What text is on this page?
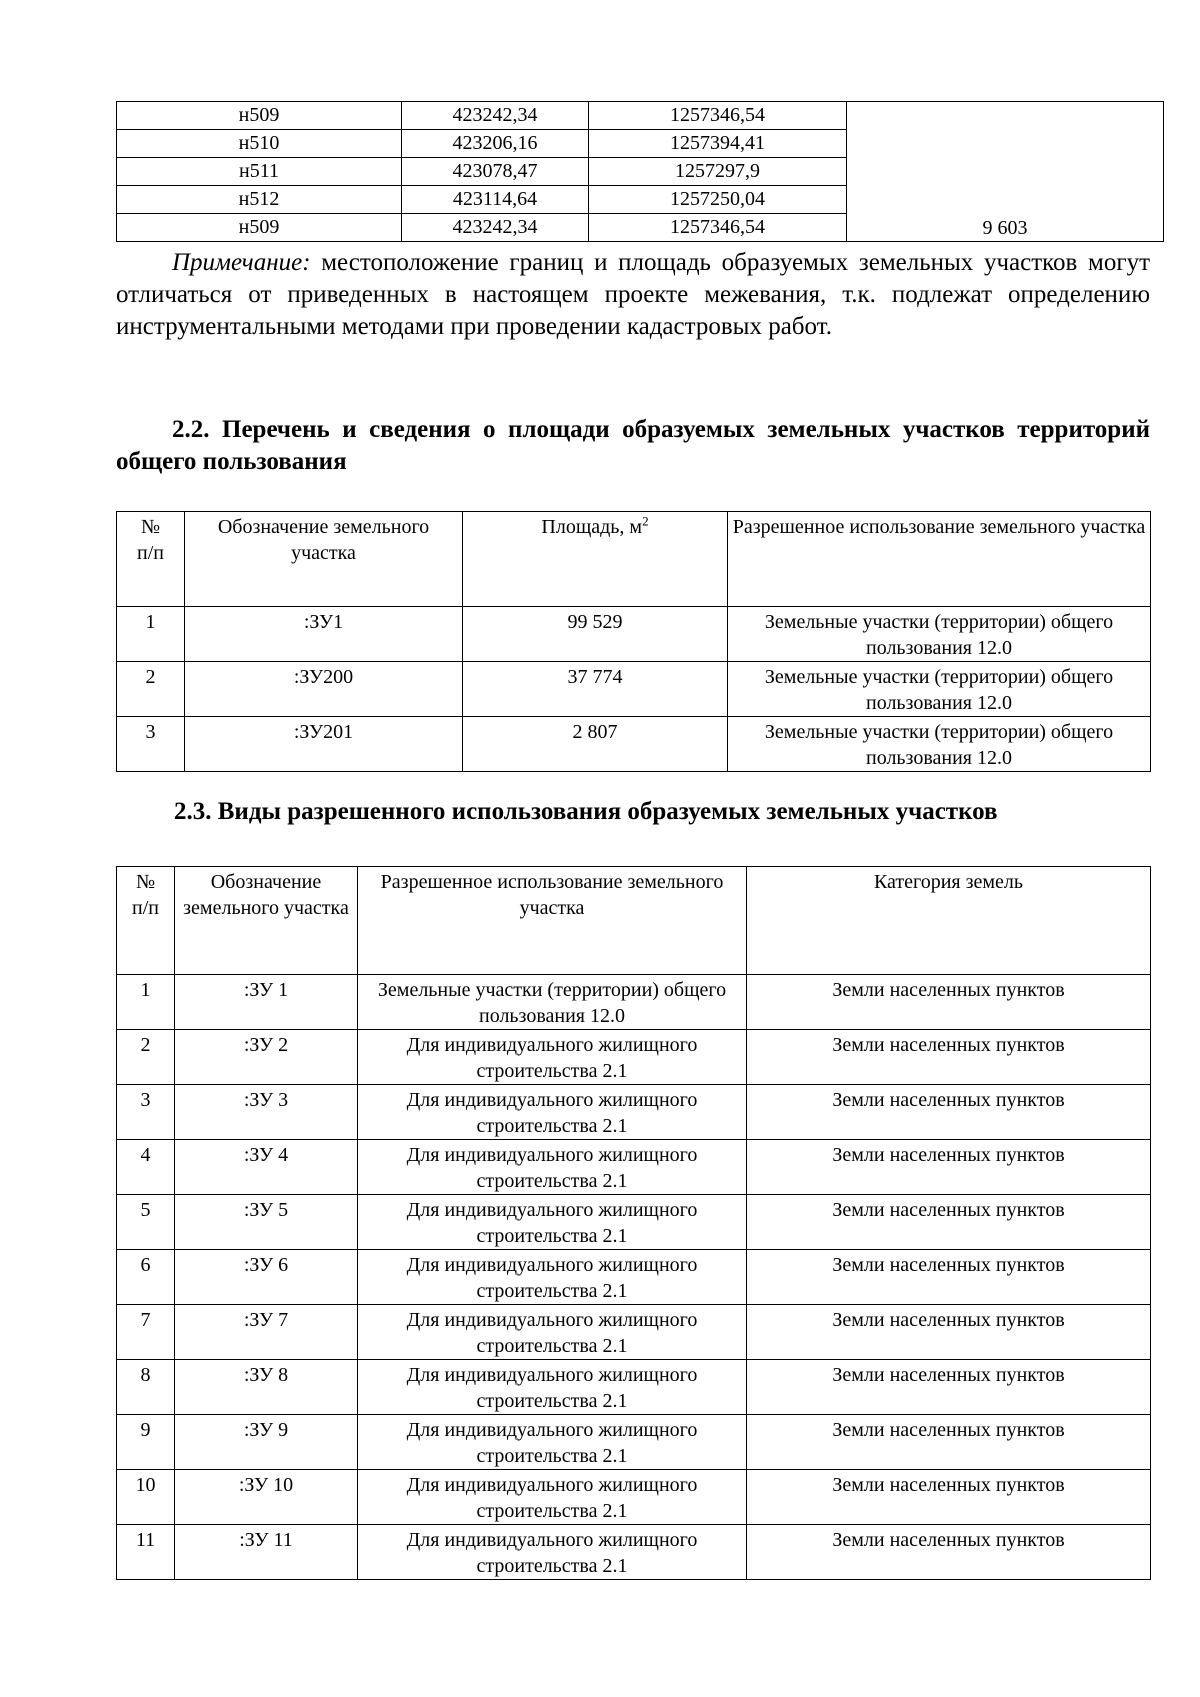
н509	423242,34	1257346,54	9 603
н510	423206,16	1257394,41	
н511	423078,47	1257297,9	
н512	423114,64	1257250,04	
н509	423242,34	1257346,54	

Примечание: местоположение границ и площадь образуемых земельных участков могут отличаться от приведенных в настоящем проекте межевания, т.к. подлежат определению инструментальными методами при проведении кадастровых работ.

2.2. Перечень и сведения о площади образуемых земельных участков территорий общего пользования

№
п/п	Обозначение земельного участка	Площадь, $м^2$	Разрешенное использование земельного участка
1	:ЗУ1	99 529	Земельные участки (территории) общего пользования 12.0
2	:ЗУ200	37 774	Земельные участки (территории) общего пользования 12.0
3	:ЗУ201	2 807	Земельные участки (территории) общего пользования 12.0

2.3. Виды разрешенного использования образуемых земельных участков

№
п/п	Обозначение земельного участка	Разрешенное использование земельного участка	Категория земель
1	:ЗУ 1	Земельные участки (территории) общего пользования 12.0	Земли населенных пунктов
2	:ЗУ 2	Для индивидуального жилищного строительства 2.1	Земли населенных пунктов
3	:ЗУ 3	Для индивидуального жилищного строительства 2.1	Земли населенных пунктов
4	:ЗУ 4	Для индивидуального жилищного строительства 2.1	Земли населенных пунктов
5	:ЗУ 5	Для индивидуального жилищного строительства 2.1	Земли населенных пунктов
6	:ЗУ 6	Для индивидуального жилищного строительства 2.1	Земли населенных пунктов
7	:ЗУ 7	Для индивидуального жилищного строительства 2.1	Земли населенных пунктов
8	:ЗУ 8	Для индивидуального жилищного строительства 2.1	Земли населенных пунктов
9	:ЗУ 9	Для индивидуального жилищного строительства 2.1	Земли населенных пунктов
10	:ЗУ 10	Для индивидуального жилищного строительства 2.1	Земли населенных пунктов
11	:ЗУ 11	Для индивидуального жилищного строительства 2.1	Земли населенных пунктов
